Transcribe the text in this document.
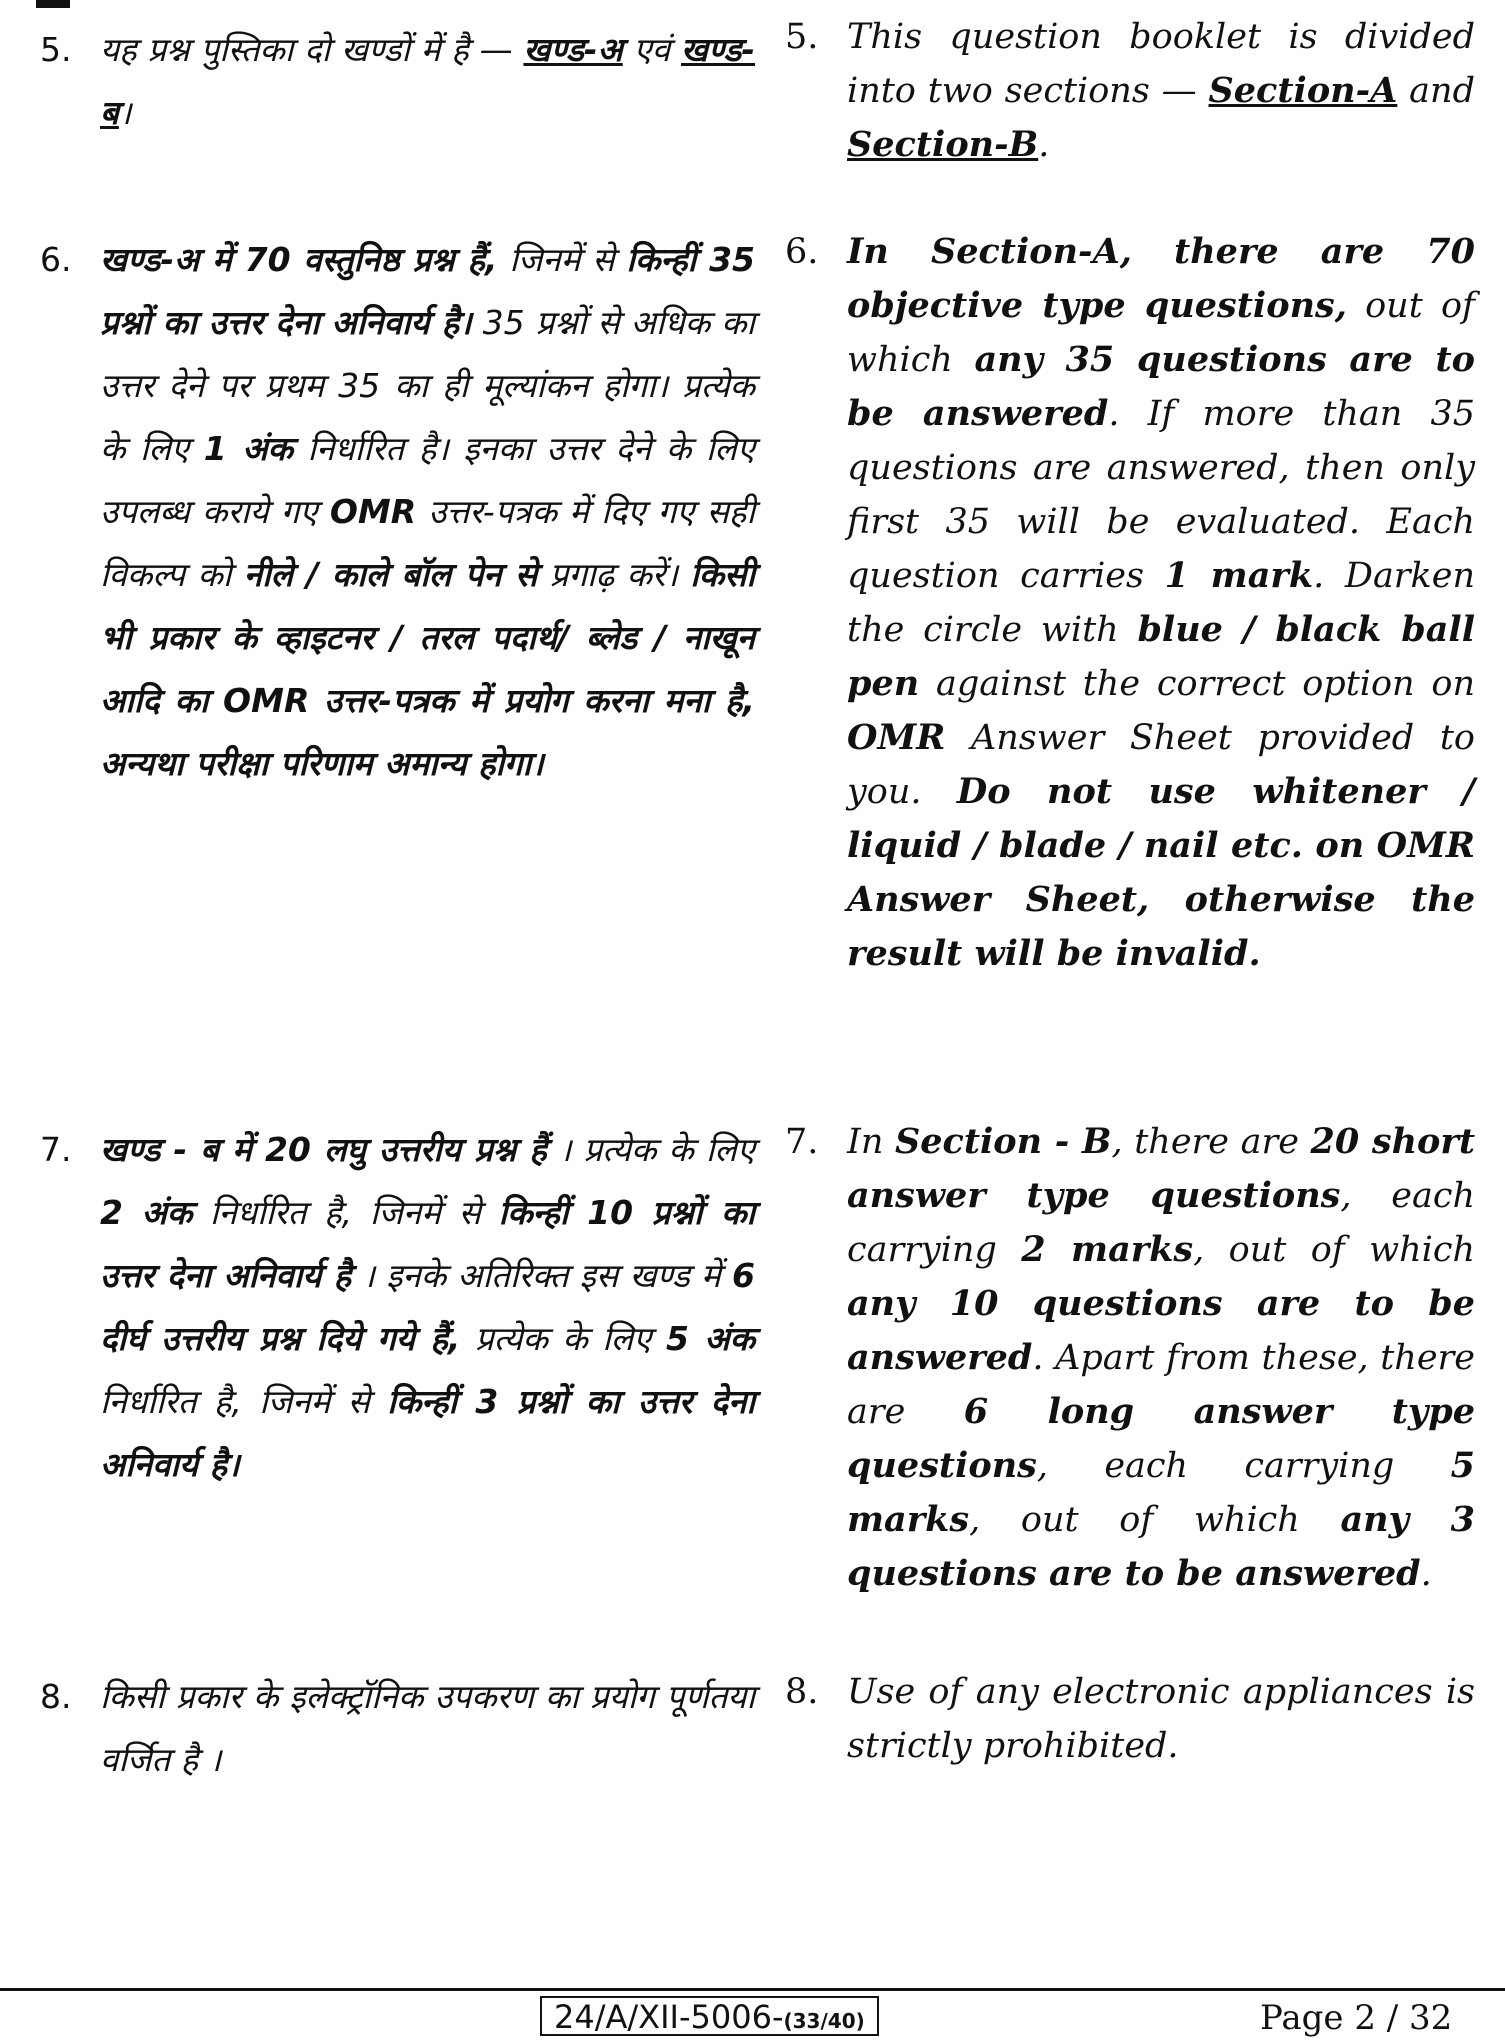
5. यह प्रश्न पुस्तिका दो खण्डों में है — खण्ड-अ एवं खण्ड-ब।
5. This question booklet is divided into two sections — Section-A and Section-B.
6. खण्ड-अ में 70 वस्तुनिष्ठ प्रश्न हैं, जिनमें से किन्हीं 35 प्रश्नों का उत्तर देना अनिवार्य है। 35 प्रश्नों से अधिक का उत्तर देने पर प्रथम 35 का ही मूल्यांकन होगा। प्रत्येक के लिए 1 अंक निर्धारित है। इनका उत्तर देने के लिए उपलब्ध कराये गए OMR उत्तर-पत्रक में दिए गए सही विकल्प को नीले / काले बॉल पेन से प्रगाढ़ करें। किसी भी प्रकार के व्हाइटनर / तरल पदार्थ/ ब्लेड / नाखून आदि का OMR उत्तर-पत्रक में प्रयोग करना मना है, अन्यथा परीक्षा परिणाम अमान्य होगा।
6. In Section-A, there are 70 objective type questions, out of which any 35 questions are to be answered. If more than 35 questions are answered, then only first 35 will be evaluated. Each question carries 1 mark. Darken the circle with blue / black ball pen against the correct option on OMR Answer Sheet provided to you. Do not use whitener / liquid / blade / nail etc. on OMR Answer Sheet, otherwise the result will be invalid.
7. खण्ड - ब में 20 लघु उत्तरीय प्रश्न हैं । प्रत्येक के लिए 2 अंक निर्धारित है, जिनमें से किन्हीं 10 प्रश्नों का उत्तर देना अनिवार्य है । इनके अतिरिक्त इस खण्ड में 6 दीर्घ उत्तरीय प्रश्न दिये गये हैं, प्रत्येक के लिए 5 अंक निर्धारित है, जिनमें से किन्हीं 3 प्रश्नों का उत्तर देना अनिवार्य है।
7. In Section - B, there are 20 short answer type questions, each carrying 2 marks, out of which any 10 questions are to be answered. Apart from these, there are 6 long answer type questions, each carrying 5 marks, out of which any 3 questions are to be answered.
8. किसी प्रकार के इलेक्ट्रॉनिक उपकरण का प्रयोग पूर्णतया वर्जित है ।
8. Use of any electronic appliances is strictly prohibited.
24/A/XII-5006-(33/40)	Page 2 / 32
